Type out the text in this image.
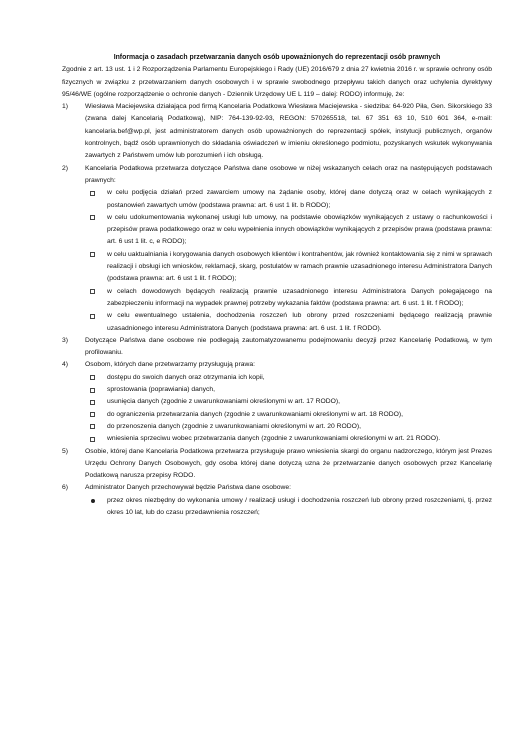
Informacja o zasadach przetwarzania danych osób upoważnionych do reprezentacji osób prawnych

Zgodnie z art. 13 ust. 1 i 2 Rozporządzenia Parlamentu Europejskiego i Rady (UE) 2016/679 z dnia 27 kwietnia 2016 r. w sprawie ochrony osób fizycznych w związku z przetwarzaniem danych osobowych i w sprawie swobodnego przepływu takich danych oraz uchylenia dyrektywy 95/46/WE (ogólne rozporządzenie o ochronie danych - Dziennik Urzędowy UE L 119 – dalej: RODO) informuję, że:

1)	Wiesława Maciejewska działająca pod firmą Kancelaria Podatkowa Wiesława Maciejewska - siedziba: 64-920 Piła, Gen. Sikorskiego 33 (zwana dalej Kancelarią Podatkową), NIP: 764-139-92-93, REGON: 570265518, tel. 67 351 63 10, 510 601 364, e-mail: kancelaria.bef@wp.pl, jest administratorem danych osób upoważnionych do reprezentacji spółek, instytucji publicznych, organów kontrolnych, bądź osób uprawnionych do składania oświadczeń w imieniu określonego podmiotu, pozyskanych wskutek wykonywania zawartych z Państwem umów lub porozumień i ich obsługą.
2)	Kancelaria Podatkowa przetwarza dotyczące Państwa dane osobowe w niżej wskazanych celach oraz na następujących podstawach prawnych:
w celu podjęcia działań przed zawarciem umowy na żądanie osoby, której dane dotyczą oraz w celach wynikających z postanowień zawartych umów (podstawa prawna: art. 6 ust 1 lit. b RODO);
w celu udokumentowania wykonanej usługi lub umowy, na podstawie obowiązków wynikających z ustawy o rachunkowości i przepisów prawa podatkowego oraz w celu wypełnienia innych obowiązków wynikających z przepisów prawa (podstawa prawna: art. 6 ust 1 lit. c, e RODO);
w celu uaktualniania i korygowania danych osobowych klientów i kontrahentów, jak również kontaktowania się z nimi w sprawach realizacji i obsługi ich wniosków, reklamacji, skarg, postulatów w ramach prawnie uzasadnionego interesu Administratora Danych (podstawa prawna: art. 6 ust 1 lit. f RODO);
w celach dowodowych będących realizacją prawnie uzasadnionego interesu Administratora Danych polegającego na zabezpieczeniu informacji na wypadek prawnej potrzeby wykazania faktów (podstawa prawna: art. 6 ust. 1 lit. f RODO);
w celu ewentualnego ustalenia, dochodzenia roszczeń lub obrony przed roszczeniami będącego realizacją prawnie uzasadnionego interesu Administratora Danych (podstawa prawna: art. 6 ust. 1 lit. f RODO).
3)	Dotyczące Państwa dane osobowe nie podlegają zautomatyzowanemu podejmowaniu decyzji przez Kancelarię Podatkową, w tym profilowaniu.
4)	Osobom, których dane przetwarzamy przysługują prawa:
dostępu do swoich danych oraz otrzymania ich kopii,
sprostowania (poprawiania) danych,
usunięcia danych (zgodnie z uwarunkowaniami określonymi w art. 17 RODO),
do ograniczenia przetwarzania danych (zgodnie z uwarunkowaniami określonymi w art. 18 RODO),
do przenoszenia danych (zgodnie z uwarunkowaniami określonymi w art. 20 RODO),
wniesienia sprzeciwu wobec przetwarzania danych (zgodnie z uwarunkowaniami określonymi w art. 21 RODO).
5)	Osobie, której dane Kancelaria Podatkowa przetwarza przysługuje prawo wniesienia skargi do organu nadzorczego, którym jest Prezes Urzędu Ochrony Danych Osobowych, gdy osoba której dane dotyczą uzna że przetwarzanie danych osobowych przez Kancelarię Podatkową narusza przepisy RODO.
6)	Administrator Danych przechowywał będzie Państwa dane osobowe:
przez okres niezbędny do wykonania umowy / realizacji usługi i dochodzenia roszczeń lub obrony przed roszczeniami, tj. przez okres 10 lat, lub do czasu przedawnienia roszczeń;
